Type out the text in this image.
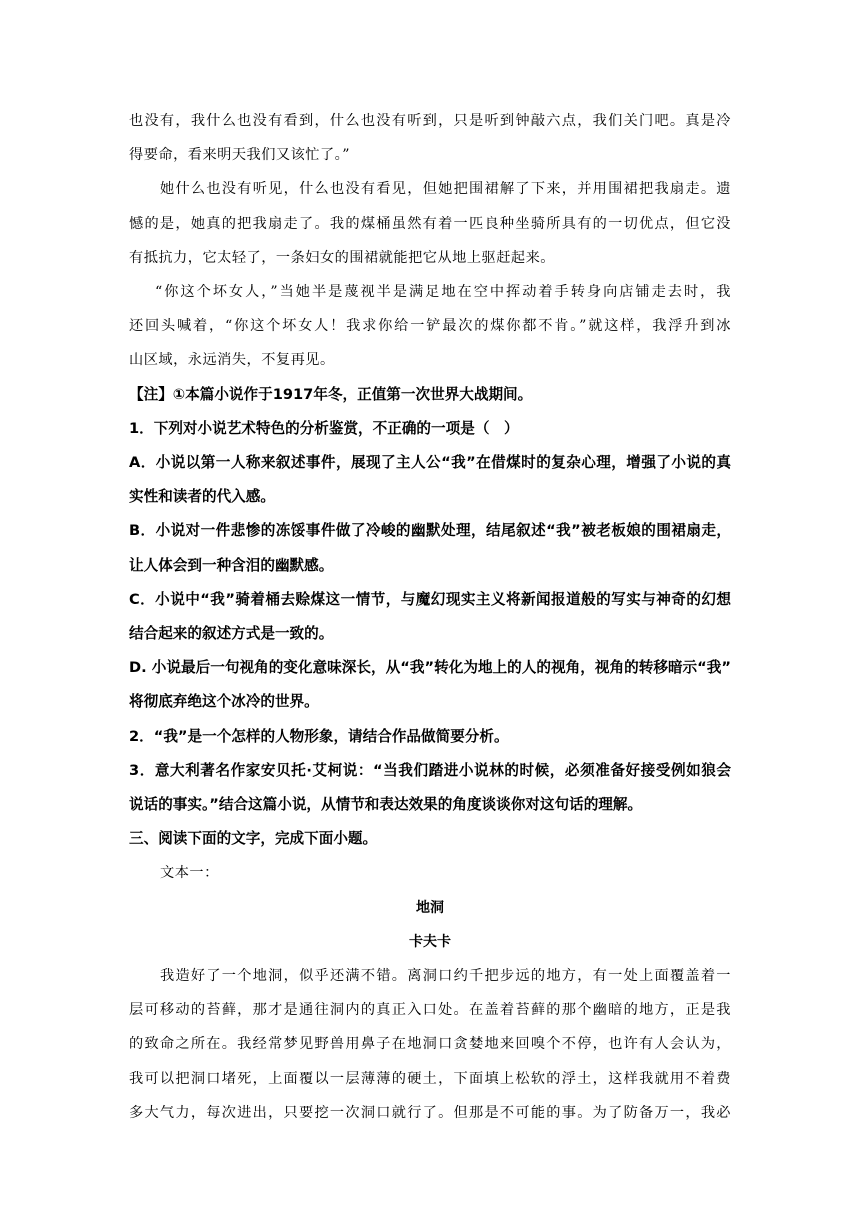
也没有，我什么也没有看到，什么也没有听到，只是听到钟敲六点，我们关门吧。真是冷
得要命，看来明天我们又该忙了。”
她什么也没有听见，什么也没有看见，但她把围裙解了下来，并用围裙把我扇走。遗
憾的是，她真的把我扇走了。我的煤桶虽然有着一匹良种坐骑所具有的一切优点，但它没
有抵抗力，它太轻了，一条妇女的围裙就能把它从地上驱赶起来。
“你这个坏女人，”当她半是蔑视半是满足地在空中挥动着手转身向店铺走去时，我
还回头喊着，“你这个坏女人！我求你给一铲最次的煤你都不肯。”就这样，我浮升到冰
山区域，永远消失，不复再见。
【注】①本篇小说作于1917年冬，正值第一次世界大战期间。
1．下列对小说艺术特色的分析鉴赏，不正确的一项是（　）
A．小说以第一人称来叙述事件，展现了主人公“我”在借煤时的复杂心理，增强了小说的真
实性和读者的代入感。
B．小说对一件悲惨的冻馁事件做了冷峻的幽默处理，结尾叙述“我”被老板娘的围裙扇走，
让人体会到一种含泪的幽默感。
C．小说中“我”骑着桶去赊煤这一情节，与魔幻现实主义将新闻报道般的写实与神奇的幻想
结合起来的叙述方式是一致的。
D. 小说最后一句视角的变化意味深长，从“我”转化为地上的人的视角，视角的转移暗示“我”
将彻底弃绝这个冰冷的世界。
2．“我”是一个怎样的人物形象，请结合作品做简要分析。
3．意大利著名作家安贝托·艾柯说：“当我们踏进小说林的时候，必须准备好接受例如狼会
说话的事实。”结合这篇小说，从情节和表达效果的角度谈谈你对这句话的理解。
三、阅读下面的文字，完成下面小题。
文本一：
地洞
卡夫卡
我造好了一个地洞，似乎还满不错。离洞口约千把步远的地方，有一处上面覆盖着一
层可移动的苔藓，那才是通往洞内的真正入口处。在盖着苔藓的那个幽暗的地方，正是我
的致命之所在。我经常梦见野兽用鼻子在地洞口贪婪地来回嗅个不停，也许有人会认为，
我可以把洞口堵死，上面覆以一层薄薄的硬土，下面填上松软的浮土，这样我就用不着费
多大气力，每次进出，只要挖一次洞口就行了。但那是不可能的事。为了防备万一，我必
